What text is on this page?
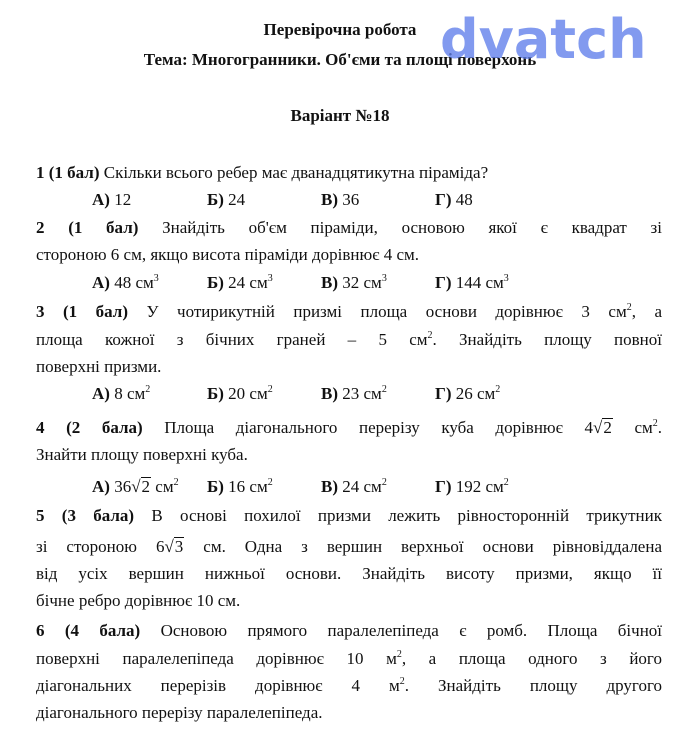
Перевірочна робота
Тема: Многогранники. Об'єми та площі поверхонь
Варіант №18
1 (1 бал) Скільки всього ребер має дванадцятикутна піраміда?
А) 12	Б) 24	В) 36	Г) 48
2 (1 бал) Знайдіть об'єм піраміди, основою якої є квадрат зі
стороною 6 см, якщо висота піраміди дорівнює 4 см.
А) 48 $см^3$	Б) 24 $см^3$	В) 32 $см^3$	Г) 144 $см^3$
3 (1 бал) У чотирикутній призмі площа основи дорівнює 3 $см^2$, а
площа кожної з бічних граней – 5 $см^2$. Знайдіть площу повної
поверхні призми.
А) 8 $см^2$	Б) 20 $см^2$	В) 23 $см^2$	Г) 26 $см^2$
4 (2 бала) Площа діагонального перерізу куба дорівнює 4√2 $см^2$.
Знайти площу поверхні куба.
А) 36√2 $см^2$ Б) 16 $см^2$	В) 24 $см^2$	Г) 192 $см^2$
5 (3 бала) В основі похилої призми лежить рівносторонній трикутник
зі стороною 6√3 см. Одна з вершин верхньої основи рівновіддалена
від усіх вершин нижньої основи. Знайдіть висоту призми, якщо її
бічне ребро дорівнює 10 см.
6 (4 бала) Основою прямого паралелепіпеда є ромб. Площа бічної
поверхні паралелепіпеда дорівнює 10 $м^2$, а площа одного з його
діагональних перерізів дорівнює 4 $м^2$. Знайдіть площу другого
діагонального перерізу паралелепіпеда.
dvatch
